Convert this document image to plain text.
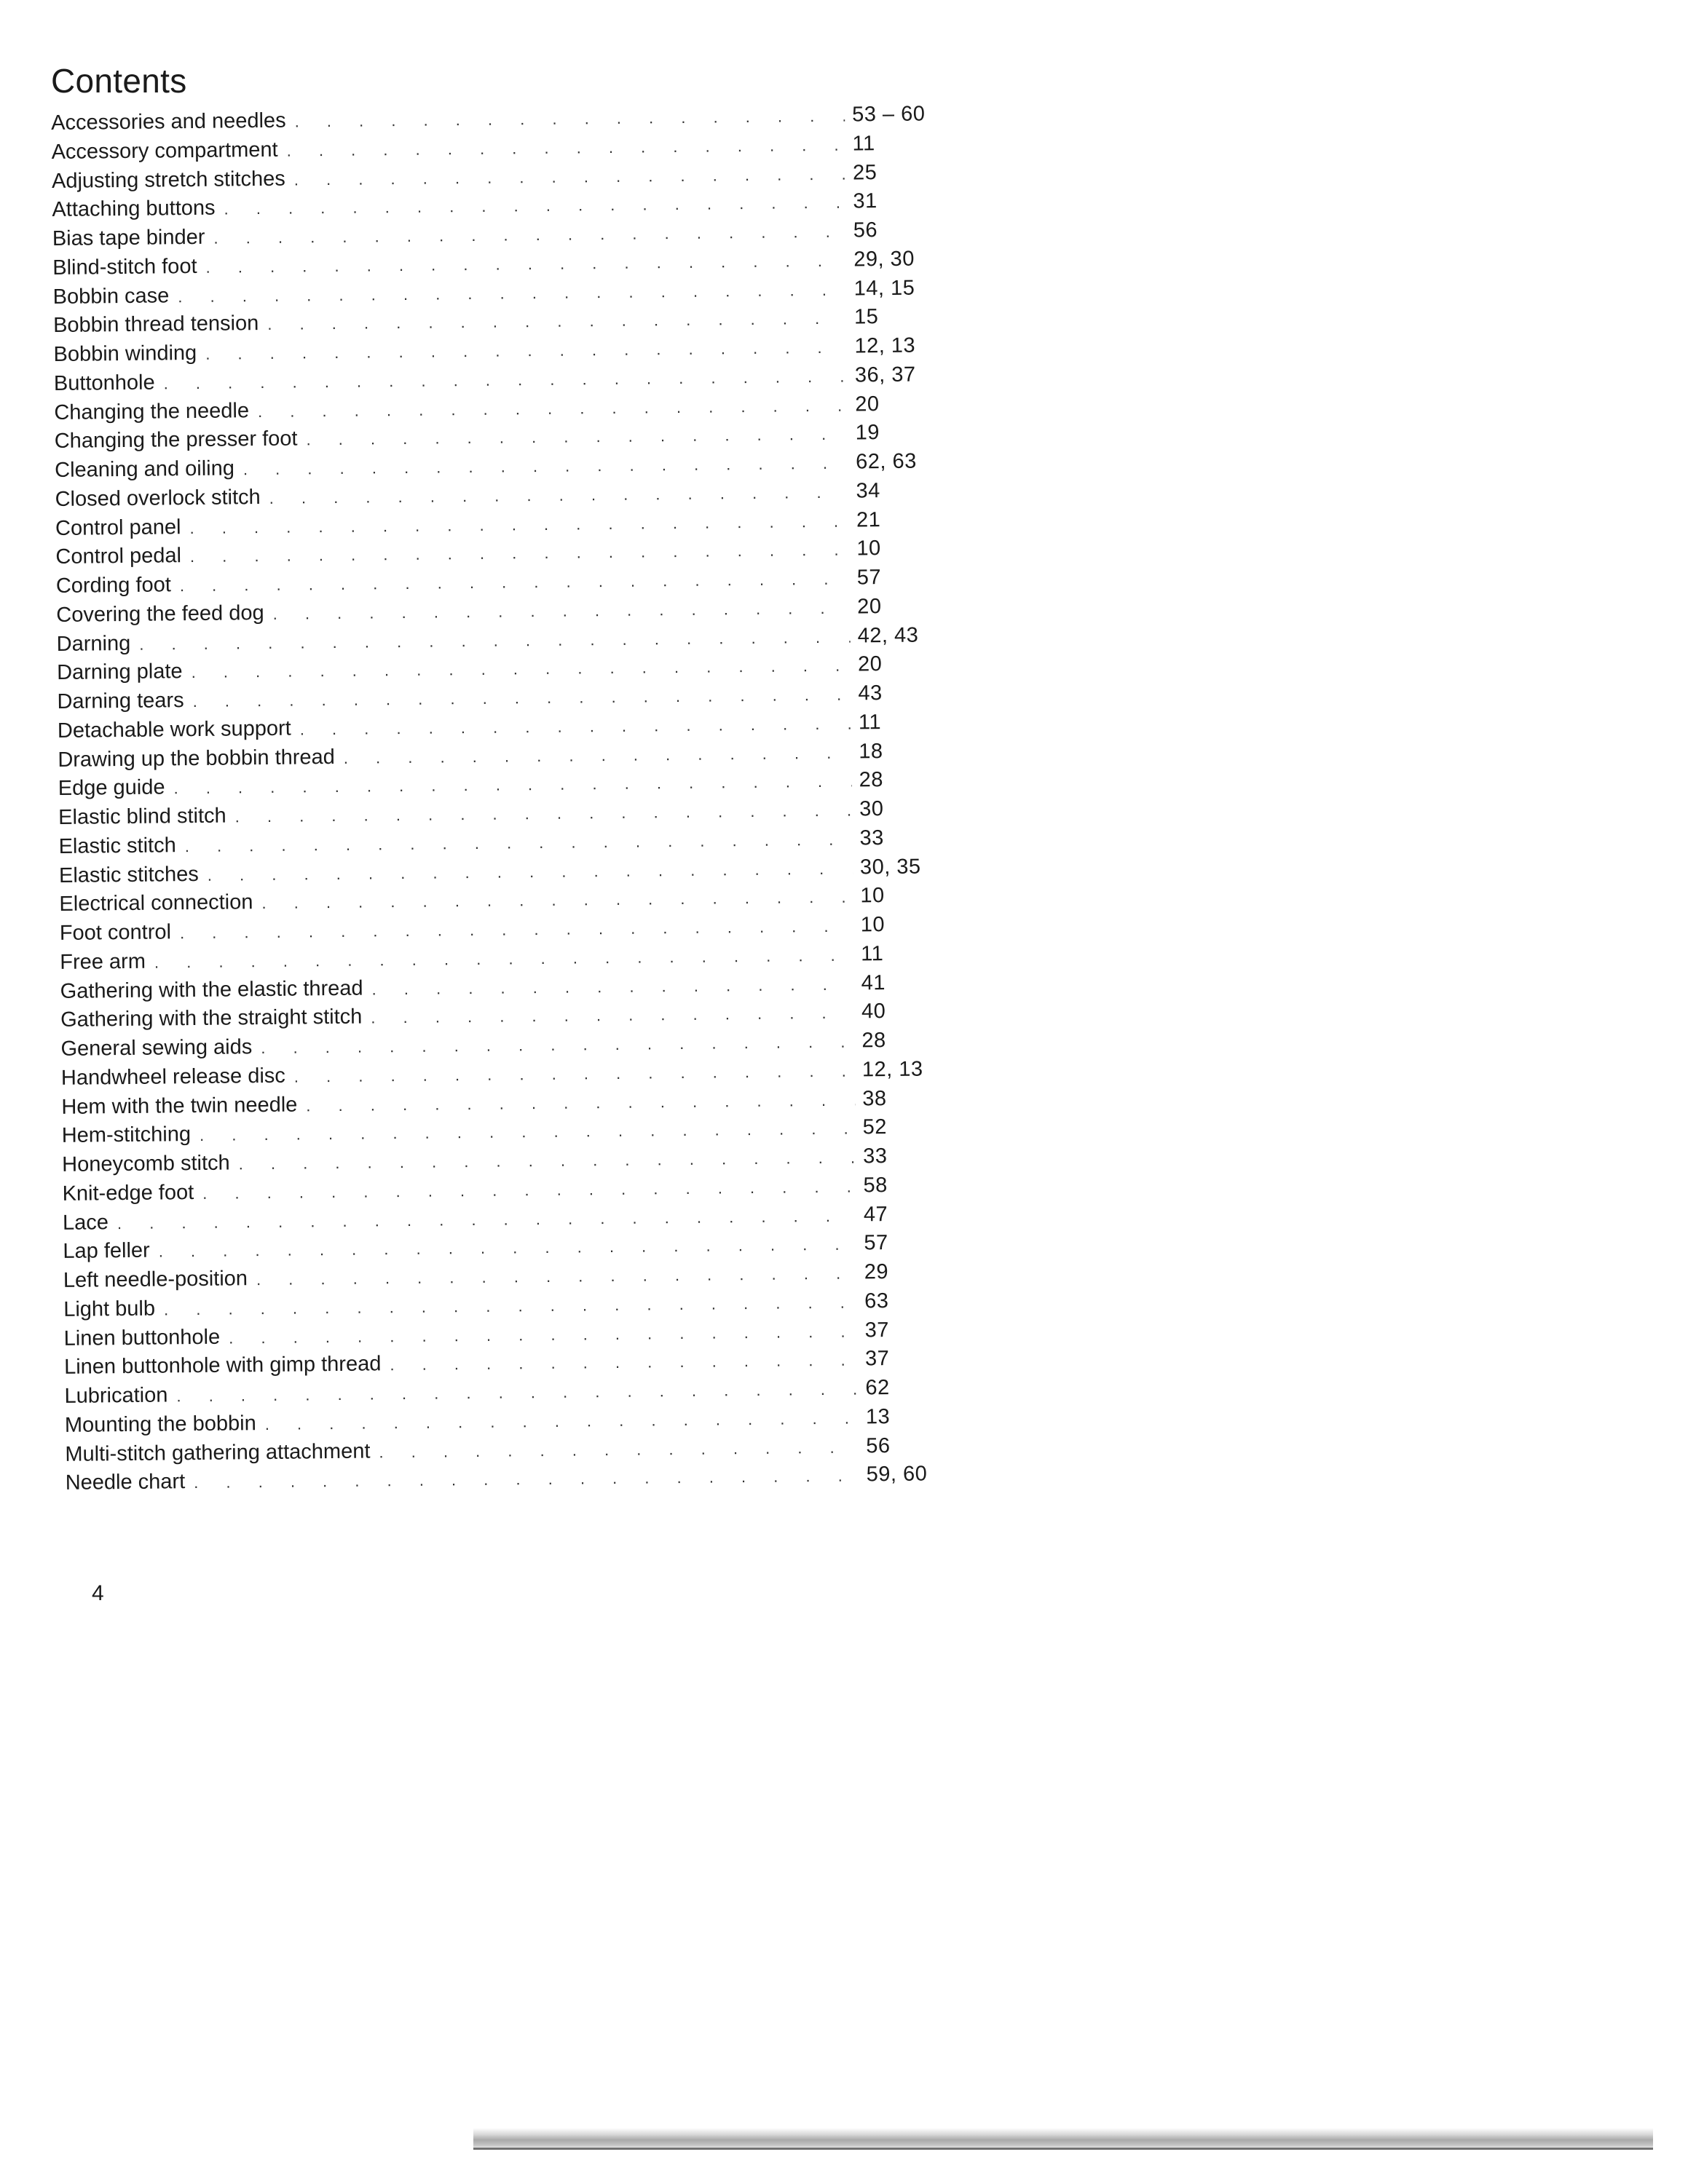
Contents
Accessories and needles . . .	53 – 60
Accessory compartment . . .	11
Adjusting stretch stitches . . .	25
Attaching buttons . . .	31
Bias tape binder . . .	56
Blind-stitch foot . . .	29, 30
Bobbin case . . .	14, 15
Bobbin thread tension . . .	15
Bobbin winding . . .	12, 13
Buttonhole . . .	36, 37
Changing the needle . . .	20
Changing the presser foot . . .	19
Cleaning and oiling . . .	62, 63
Closed overlock stitch . . .	34
Control panel . . .	21
Control pedal . . .	10
Cording foot . . .	57
Covering the feed dog . . .	20
Darning . . .	42, 43
Darning plate . . .	20
Darning tears . . .	43
Detachable work support . . .	11
Drawing up the bobbin thread . . .	18
Edge guide . . .	28
Elastic blind stitch . . .	30
Elastic stitch . . .	33
Elastic stitches . . .	30, 35
Electrical connection . . .	10
Foot control . . .	10
Free arm . . .	11
Gathering with the elastic thread . . .	41
Gathering with the straight stitch . . .	40
General sewing aids . . .	28
Handwheel release disc . . .	12, 13
Hem with the twin needle . . .	38
Hem-stitching . . .	52
Honeycomb stitch . . .	33
Knit-edge foot . . .	58
Lace . . .	47
Lap feller . . .	57
Left needle-position . . .	29
Light bulb . . .	63
Linen buttonhole . . .	37
Linen buttonhole with gimp thread . . .	37
Lubrication . . .	62
Mounting the bobbin . . .	13
Multi-stitch gathering attachment . . .	56
Needle chart . . .	59, 60
4
